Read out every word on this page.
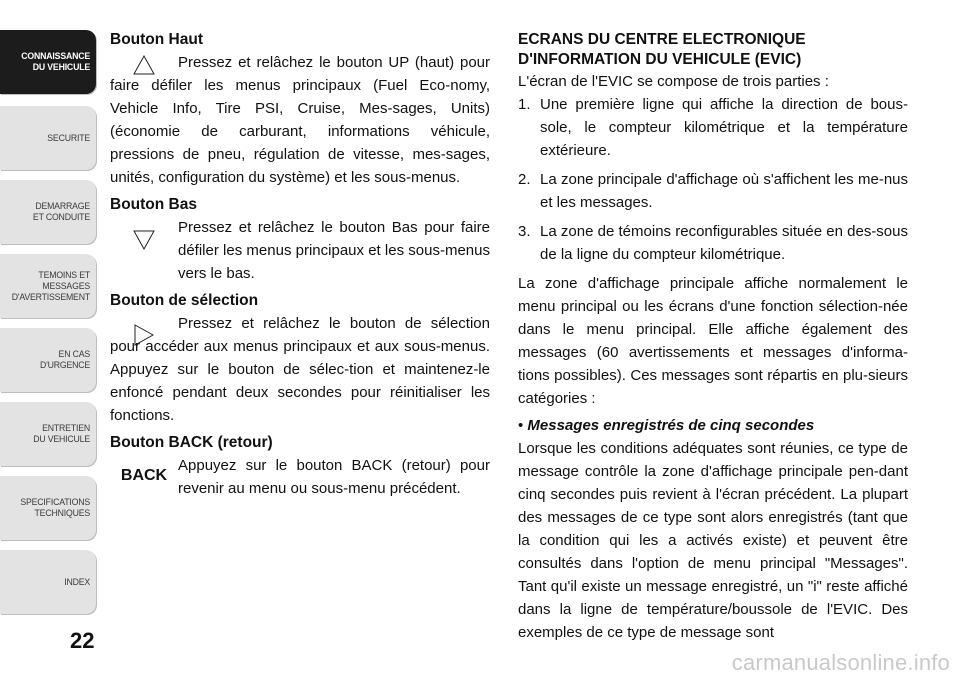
CONNAISSANCE
DU VEHICULE
SECURITE
DEMARRAGE
ET CONDUITE
TEMOINS ET
MESSAGES
D'AVERTISSEMENT
EN CAS
D'URGENCE
ENTRETIEN
DU VEHICULE
SPECIFICATIONS
TECHNIQUES
INDEX
22

Bouton Haut

Pressez et relâchez le bouton UP (haut) pour faire défiler les menus principaux (Fuel Eco-nomy, Vehicle Info, Tire PSI, Cruise, Mes-sages, Units) (économie de carburant, informations véhicule, pressions de pneu, régulation de vitesse, mes-sages, unités, configuration du système) et les sous-menus.

Bouton Bas

Pressez et relâchez le bouton Bas pour faire défiler les menus principaux et les sous-menus vers le bas.

Bouton de sélection

Pressez et relâchez le bouton de sélection pour accéder aux menus principaux et aux sous-menus. Appuyez sur le bouton de sélec-tion et maintenez-le enfoncé pendant deux secondes pour réinitialiser les fonctions.

Bouton BACK (retour)

BACK

Appuyez sur le bouton BACK (retour) pour revenir au menu ou sous-menu précédent.

ECRANS DU CENTRE ELECTRONIQUE

D'INFORMATION DU VEHICULE (EVIC)

L'écran de l'EVIC se compose de trois parties :

1. Une première ligne qui affiche la direction de bous-sole, le compteur kilométrique et la température extérieure.
2. La zone principale d'affichage où s'affichent les me-nus et les messages.
3. La zone de témoins reconfigurables située en des-sous de la ligne du compteur kilométrique.

La zone d'affichage principale affiche normalement le menu principal ou les écrans d'une fonction sélection-née dans le menu principal. Elle affiche également des messages (60 avertissements et messages d'informa-tions possibles). Ces messages sont répartis en plu-sieurs catégories :

• Messages enregistrés de cinq secondes

Lorsque les conditions adéquates sont réunies, ce type de message contrôle la zone d'affichage principale pen-dant cinq secondes puis revient à l'écran précédent. La plupart des messages de ce type sont alors enregistrés (tant que la condition qui les a activés existe) et peuvent être consultés dans l'option de menu principal "Messages". Tant qu'il existe un message enregistré, un "i" reste affiché dans la ligne de température/boussole de l'EVIC. Des exemples de ce type de message sont

carmanualsonline.info
